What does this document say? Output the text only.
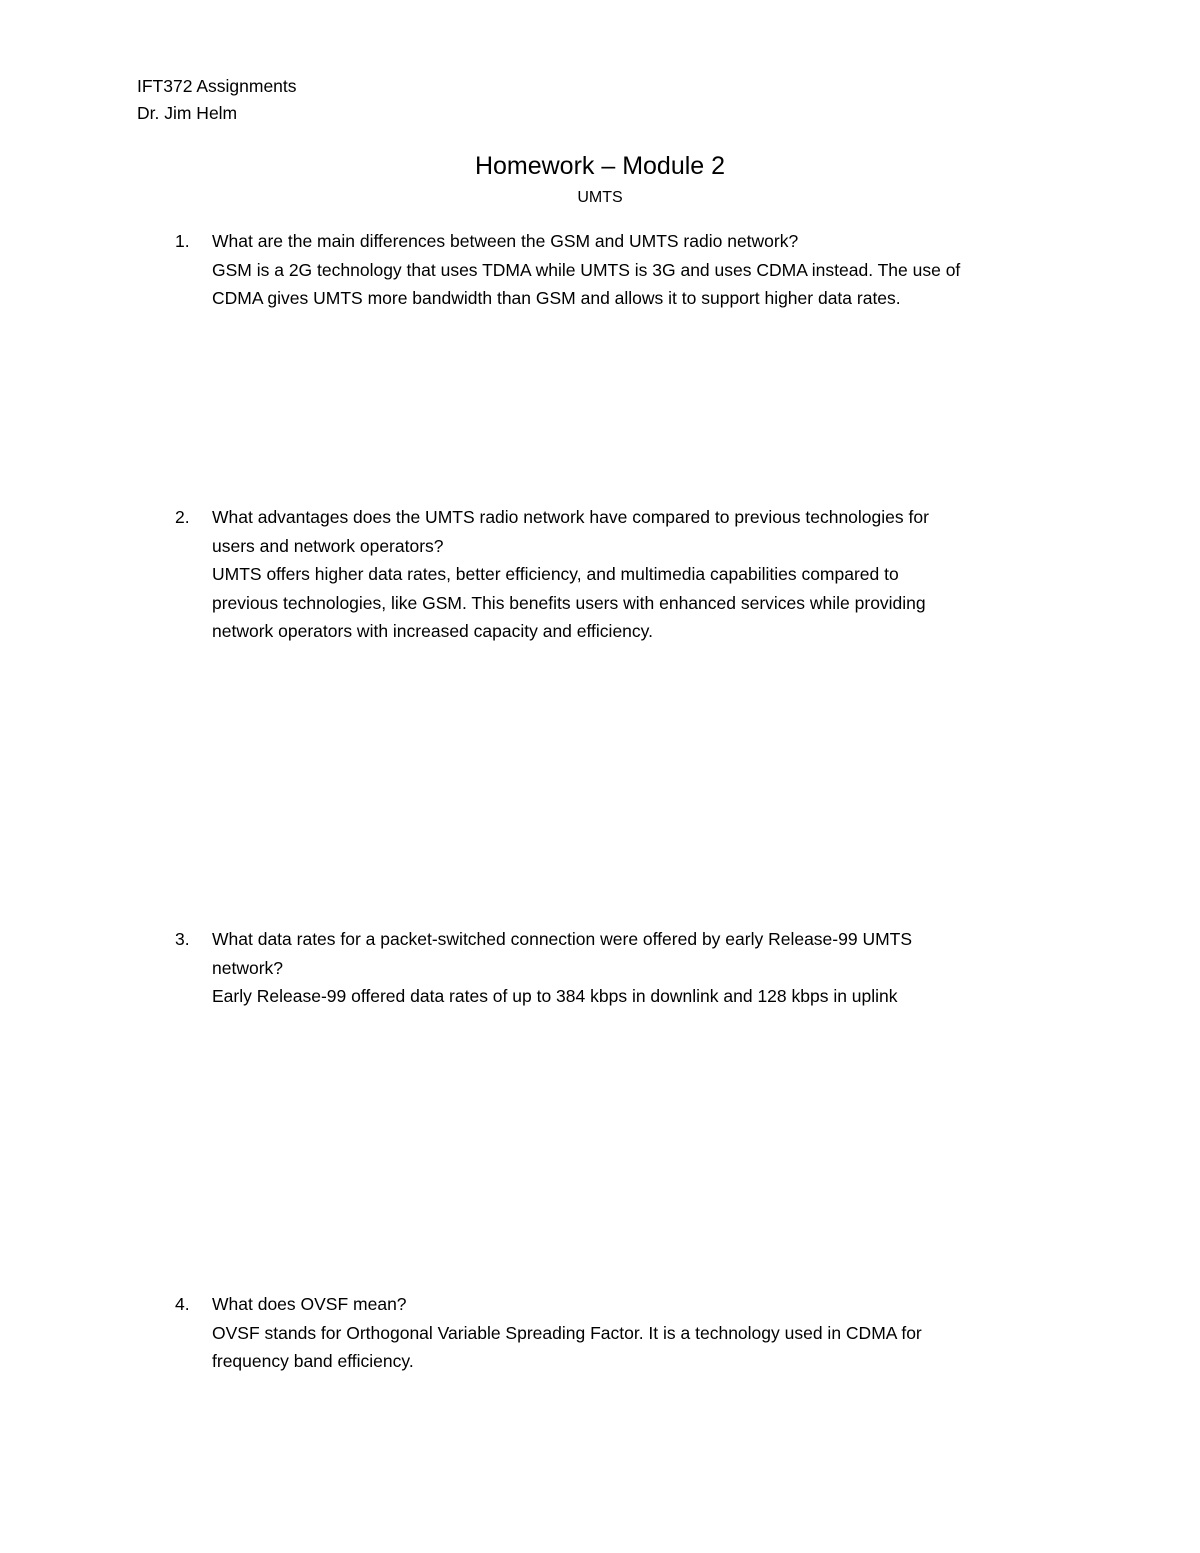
IFT372 Assignments
Dr. Jim Helm
Homework – Module 2
UMTS
1.	What are the main differences between the GSM and UMTS radio network?
GSM is a 2G technology that uses TDMA while UMTS is 3G and uses CDMA instead. The use of
CDMA gives UMTS more bandwidth than GSM and allows it to support higher data rates.
2.	What advantages does the UMTS radio network have compared to previous technologies for
users and network operators?
UMTS offers higher data rates, better efficiency, and multimedia capabilities compared to
previous technologies, like GSM. This benefits users with enhanced services while providing
network operators with increased capacity and efficiency.
3.	What data rates for a packet-switched connection were offered by early Release-99 UMTS
network?
Early Release-99 offered data rates of up to 384 kbps in downlink and 128 kbps in uplink
4.	What does OVSF mean?
OVSF stands for Orthogonal Variable Spreading Factor. It is a technology used in CDMA for
frequency band efficiency.
